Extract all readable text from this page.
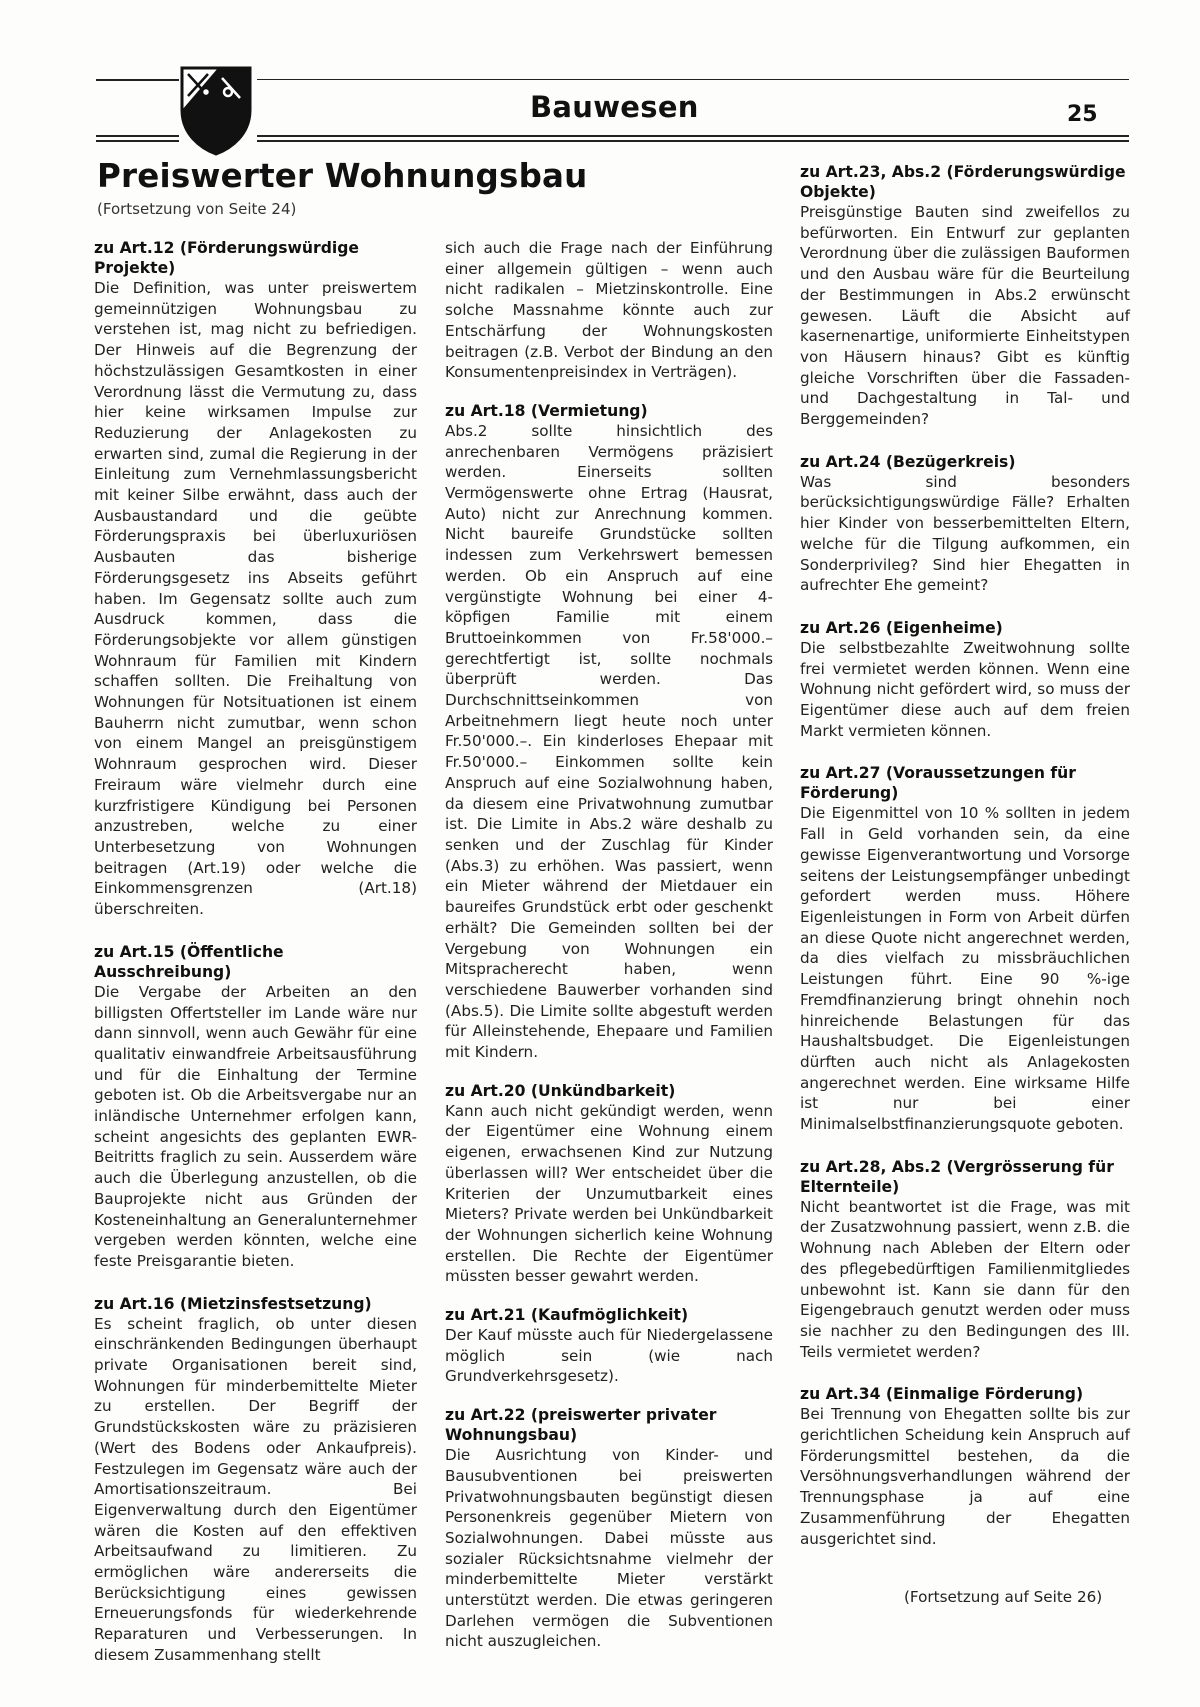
Bauwesen	25
Preiswerter Wohnungsbau
(Fortsetzung von Seite 24)
zu Art.12 (Förderungswürdige Projekte)

Die Definition, was unter preiswertem gemeinnützigen Wohnungsbau zu verstehen ist, mag nicht zu befriedigen. Der Hinweis auf die Begrenzung der höchstzulässigen Gesamtkosten in einer Verordnung lässt die Vermutung zu, dass hier keine wirksamen Impulse zur Reduzierung der Anlagekosten zu erwarten sind, zumal die Regierung in der Einleitung zum Vernehmlassungsbericht mit keiner Silbe erwähnt, dass auch der Ausbaustandard und die geübte Förderungspraxis bei überluxuriösen Ausbauten das bisherige Förderungsgesetz ins Abseits geführt haben. Im Gegensatz sollte auch zum Ausdruck kommen, dass die Förderungsobjekte vor allem günstigen Wohnraum für Familien mit Kindern schaffen sollten. Die Freihaltung von Wohnungen für Notsituationen ist einem Bauherrn nicht zumutbar, wenn schon von einem Mangel an preisgünstigem Wohnraum gesprochen wird. Dieser Freiraum wäre vielmehr durch eine kurzfristigere Kündigung bei Personen anzustreben, welche zu einer Unterbesetzung von Wohnungen beitragen (Art.19) oder welche die Einkommensgrenzen (Art.18) überschreiten.

zu Art.15 (Öffentliche Ausschreibung)

Die Vergabe der Arbeiten an den billigsten Offertsteller im Lande wäre nur dann sinnvoll, wenn auch Gewähr für eine qualitativ einwandfreie Arbeitsausführung und für die Einhaltung der Termine geboten ist. Ob die Arbeitsvergabe nur an inländische Unternehmer erfolgen kann, scheint angesichts des geplanten EWR-Beitritts fraglich zu sein. Ausserdem wäre auch die Überlegung anzustellen, ob die Bauprojekte nicht aus Gründen der Kosteneinhaltung an Generalunternehmer vergeben werden könnten, welche eine feste Preisgarantie bieten.

zu Art.16 (Mietzinsfestsetzung)

Es scheint fraglich, ob unter diesen einschränkenden Bedingungen überhaupt private Organisationen bereit sind, Wohnungen für minderbemittelte Mieter zu erstellen. Der Begriff der Grundstückskosten wäre zu präzisieren (Wert des Bodens oder Ankaufpreis). Festzulegen im Gegensatz wäre auch der Amortisationszeitraum. Bei Eigenverwaltung durch den Eigentümer wären die Kosten auf den effektiven Arbeitsaufwand zu limitieren. Zu ermöglichen wäre andererseits die Berücksichtigung eines gewissen Erneuerungsfonds für wiederkehrende Reparaturen und Verbesserungen. In diesem Zusammenhang stellt

sich auch die Frage nach der Einführung einer allgemein gültigen – wenn auch nicht radikalen – Mietzinskontrolle. Eine solche Massnahme könnte auch zur Entschärfung der Wohnungskosten beitragen (z.B. Verbot der Bindung an den Konsumentenpreisindex in Verträgen).

zu Art.18 (Vermietung)

Abs.2 sollte hinsichtlich des anrechenbaren Vermögens präzisiert werden. Einerseits sollten Vermögenswerte ohne Ertrag (Hausrat, Auto) nicht zur Anrechnung kommen. Nicht baureife Grundstücke sollten indessen zum Verkehrswert bemessen werden. Ob ein Anspruch auf eine vergünstigte Wohnung bei einer 4-köpfigen Familie mit einem Bruttoeinkommen von Fr.58'000.– gerechtfertigt ist, sollte nochmals überprüft werden. Das Durchschnittseinkommen von Arbeitnehmern liegt heute noch unter Fr.50'000.–. Ein kinderloses Ehepaar mit Fr.50'000.– Einkommen sollte kein Anspruch auf eine Sozialwohnung haben, da diesem eine Privatwohnung zumutbar ist. Die Limite in Abs.2 wäre deshalb zu senken und der Zuschlag für Kinder (Abs.3) zu erhöhen. Was passiert, wenn ein Mieter während der Mietdauer ein baureifes Grundstück erbt oder geschenkt erhält? Die Gemeinden sollten bei der Vergebung von Wohnungen ein Mitspracherecht haben, wenn verschiedene Bauwerber vorhanden sind (Abs.5). Die Limite sollte abgestuft werden für Alleinstehende, Ehepaare und Familien mit Kindern.

zu Art.20 (Unkündbarkeit)

Kann auch nicht gekündigt werden, wenn der Eigentümer eine Wohnung einem eigenen, erwachsenen Kind zur Nutzung überlassen will? Wer entscheidet über die Kriterien der Unzumutbarkeit eines Mieters? Private werden bei Unkündbarkeit der Wohnungen sicherlich keine Wohnung erstellen. Die Rechte der Eigentümer müssten besser gewahrt werden.

zu Art.21 (Kaufmöglichkeit)

Der Kauf müsste auch für Niedergelassene möglich sein (wie nach Grundverkehrsgesetz).

zu Art.22 (preiswerter privater Wohnungsbau)

Die Ausrichtung von Kinder- und Bausubventionen bei preiswerten Privatwohnungsbauten begünstigt diesen Personenkreis gegenüber Mietern von Sozialwohnungen. Dabei müsste aus sozialer Rücksichtsnahme vielmehr der minderbemittelte Mieter verstärkt unterstützt werden. Die etwas geringeren Darlehen vermögen die Subventionen nicht auszugleichen.

zu Art.23, Abs.2 (Förderungswürdige Objekte)

Preisgünstige Bauten sind zweifellos zu befürworten. Ein Entwurf zur geplanten Verordnung über die zulässigen Bauformen und den Ausbau wäre für die Beurteilung der Bestimmungen in Abs.2 erwünscht gewesen. Läuft die Absicht auf kasernenartige, uniformierte Einheitstypen von Häusern hinaus? Gibt es künftig gleiche Vorschriften über die Fassaden- und Dachgestaltung in Tal- und Berggemeinden?

zu Art.24 (Bezügerkreis)

Was sind besonders berücksichtigungswürdige Fälle? Erhalten hier Kinder von besserbemittelten Eltern, welche für die Tilgung aufkommen, ein Sonderprivileg? Sind hier Ehegatten in aufrechter Ehe gemeint?

zu Art.26 (Eigenheime)

Die selbstbezahlte Zweitwohnung sollte frei vermietet werden können. Wenn eine Wohnung nicht gefördert wird, so muss der Eigentümer diese auch auf dem freien Markt vermieten können.

zu Art.27 (Voraussetzungen für Förderung)

Die Eigenmittel von 10 % sollten in jedem Fall in Geld vorhanden sein, da eine gewisse Eigenverantwortung und Vorsorge seitens der Leistungsempfänger unbedingt gefordert werden muss. Höhere Eigenleistungen in Form von Arbeit dürfen an diese Quote nicht angerechnet werden, da dies vielfach zu missbräuchlichen Leistungen führt. Eine 90 %-ige Fremdfinanzierung bringt ohnehin noch hinreichende Belastungen für das Haushaltsbudget. Die Eigenleistungen dürften auch nicht als Anlagekosten angerechnet werden. Eine wirksame Hilfe ist nur bei einer Minimalselbstfinanzierungsquote geboten.

zu Art.28, Abs.2 (Vergrösserung für Elternteile)

Nicht beantwortet ist die Frage, was mit der Zusatzwohnung passiert, wenn z.B. die Wohnung nach Ableben der Eltern oder des pflegebedürftigen Familienmitgliedes unbewohnt ist. Kann sie dann für den Eigengebrauch genutzt werden oder muss sie nachher zu den Bedingungen des III. Teils vermietet werden?

zu Art.34 (Einmalige Förderung)

Bei Trennung von Ehegatten sollte bis zur gerichtlichen Scheidung kein Anspruch auf Förderungsmittel bestehen, da die Versöhnungsverhandlungen während der Trennungsphase ja auf eine Zusammenführung der Ehegatten ausgerichtet sind.

(Fortsetzung auf Seite 26)
